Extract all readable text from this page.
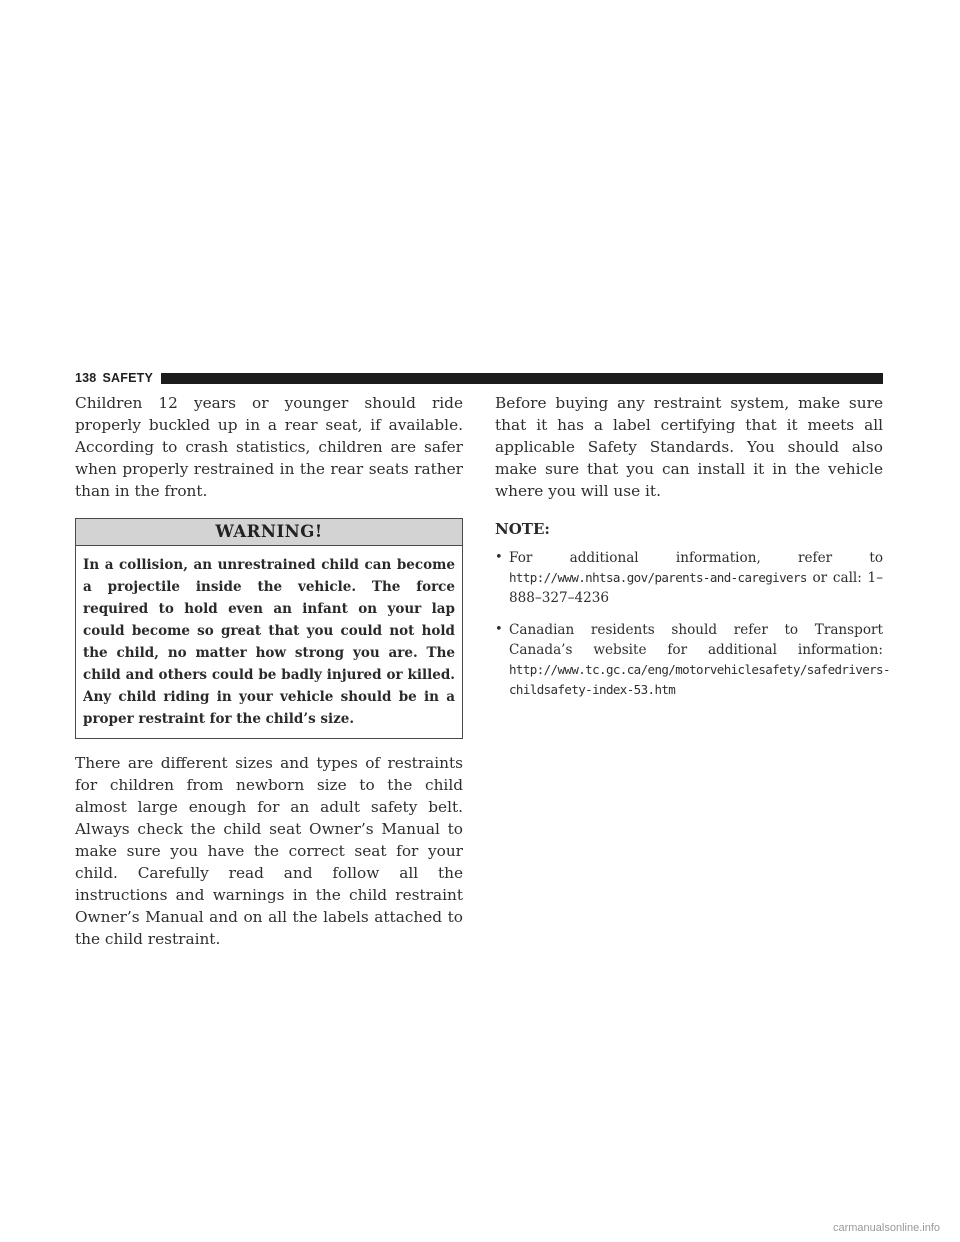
138 SAFETY

Children 12 years or younger should ride properly buckled up in a rear seat, if available. According to crash statistics, children are safer when properly restrained in the rear seats rather than in the front.

WARNING!
In a collision, an unrestrained child can become a projectile inside the vehicle. The force required to hold even an infant on your lap could become so great that you could not hold the child, no matter how strong you are. The child and others could be badly injured or killed. Any child riding in your vehicle should be in a proper restraint for the child’s size.

There are different sizes and types of restraints for children from newborn size to the child almost large enough for an adult safety belt. Always check the child seat Owner’s Manual to make sure you have the correct seat for your child. Carefully read and follow all the instructions and warnings in the child restraint Owner’s Manual and on all the labels attached to the child restraint.

Before buying any restraint system, make sure that it has a label certifying that it meets all applicable Safety Standards. You should also make sure that you can install it in the vehicle where you will use it.

NOTE:
• For additional information, refer to http://www.nhtsa.gov/parents-and-caregivers or call: 1–888–327–4236
• Canadian residents should refer to Transport Canada’s website for additional information: http://www.tc.gc.ca/eng/motorvehiclesafety/safedrivers-childsafety-index-53.htm
carmanualsonline.info
